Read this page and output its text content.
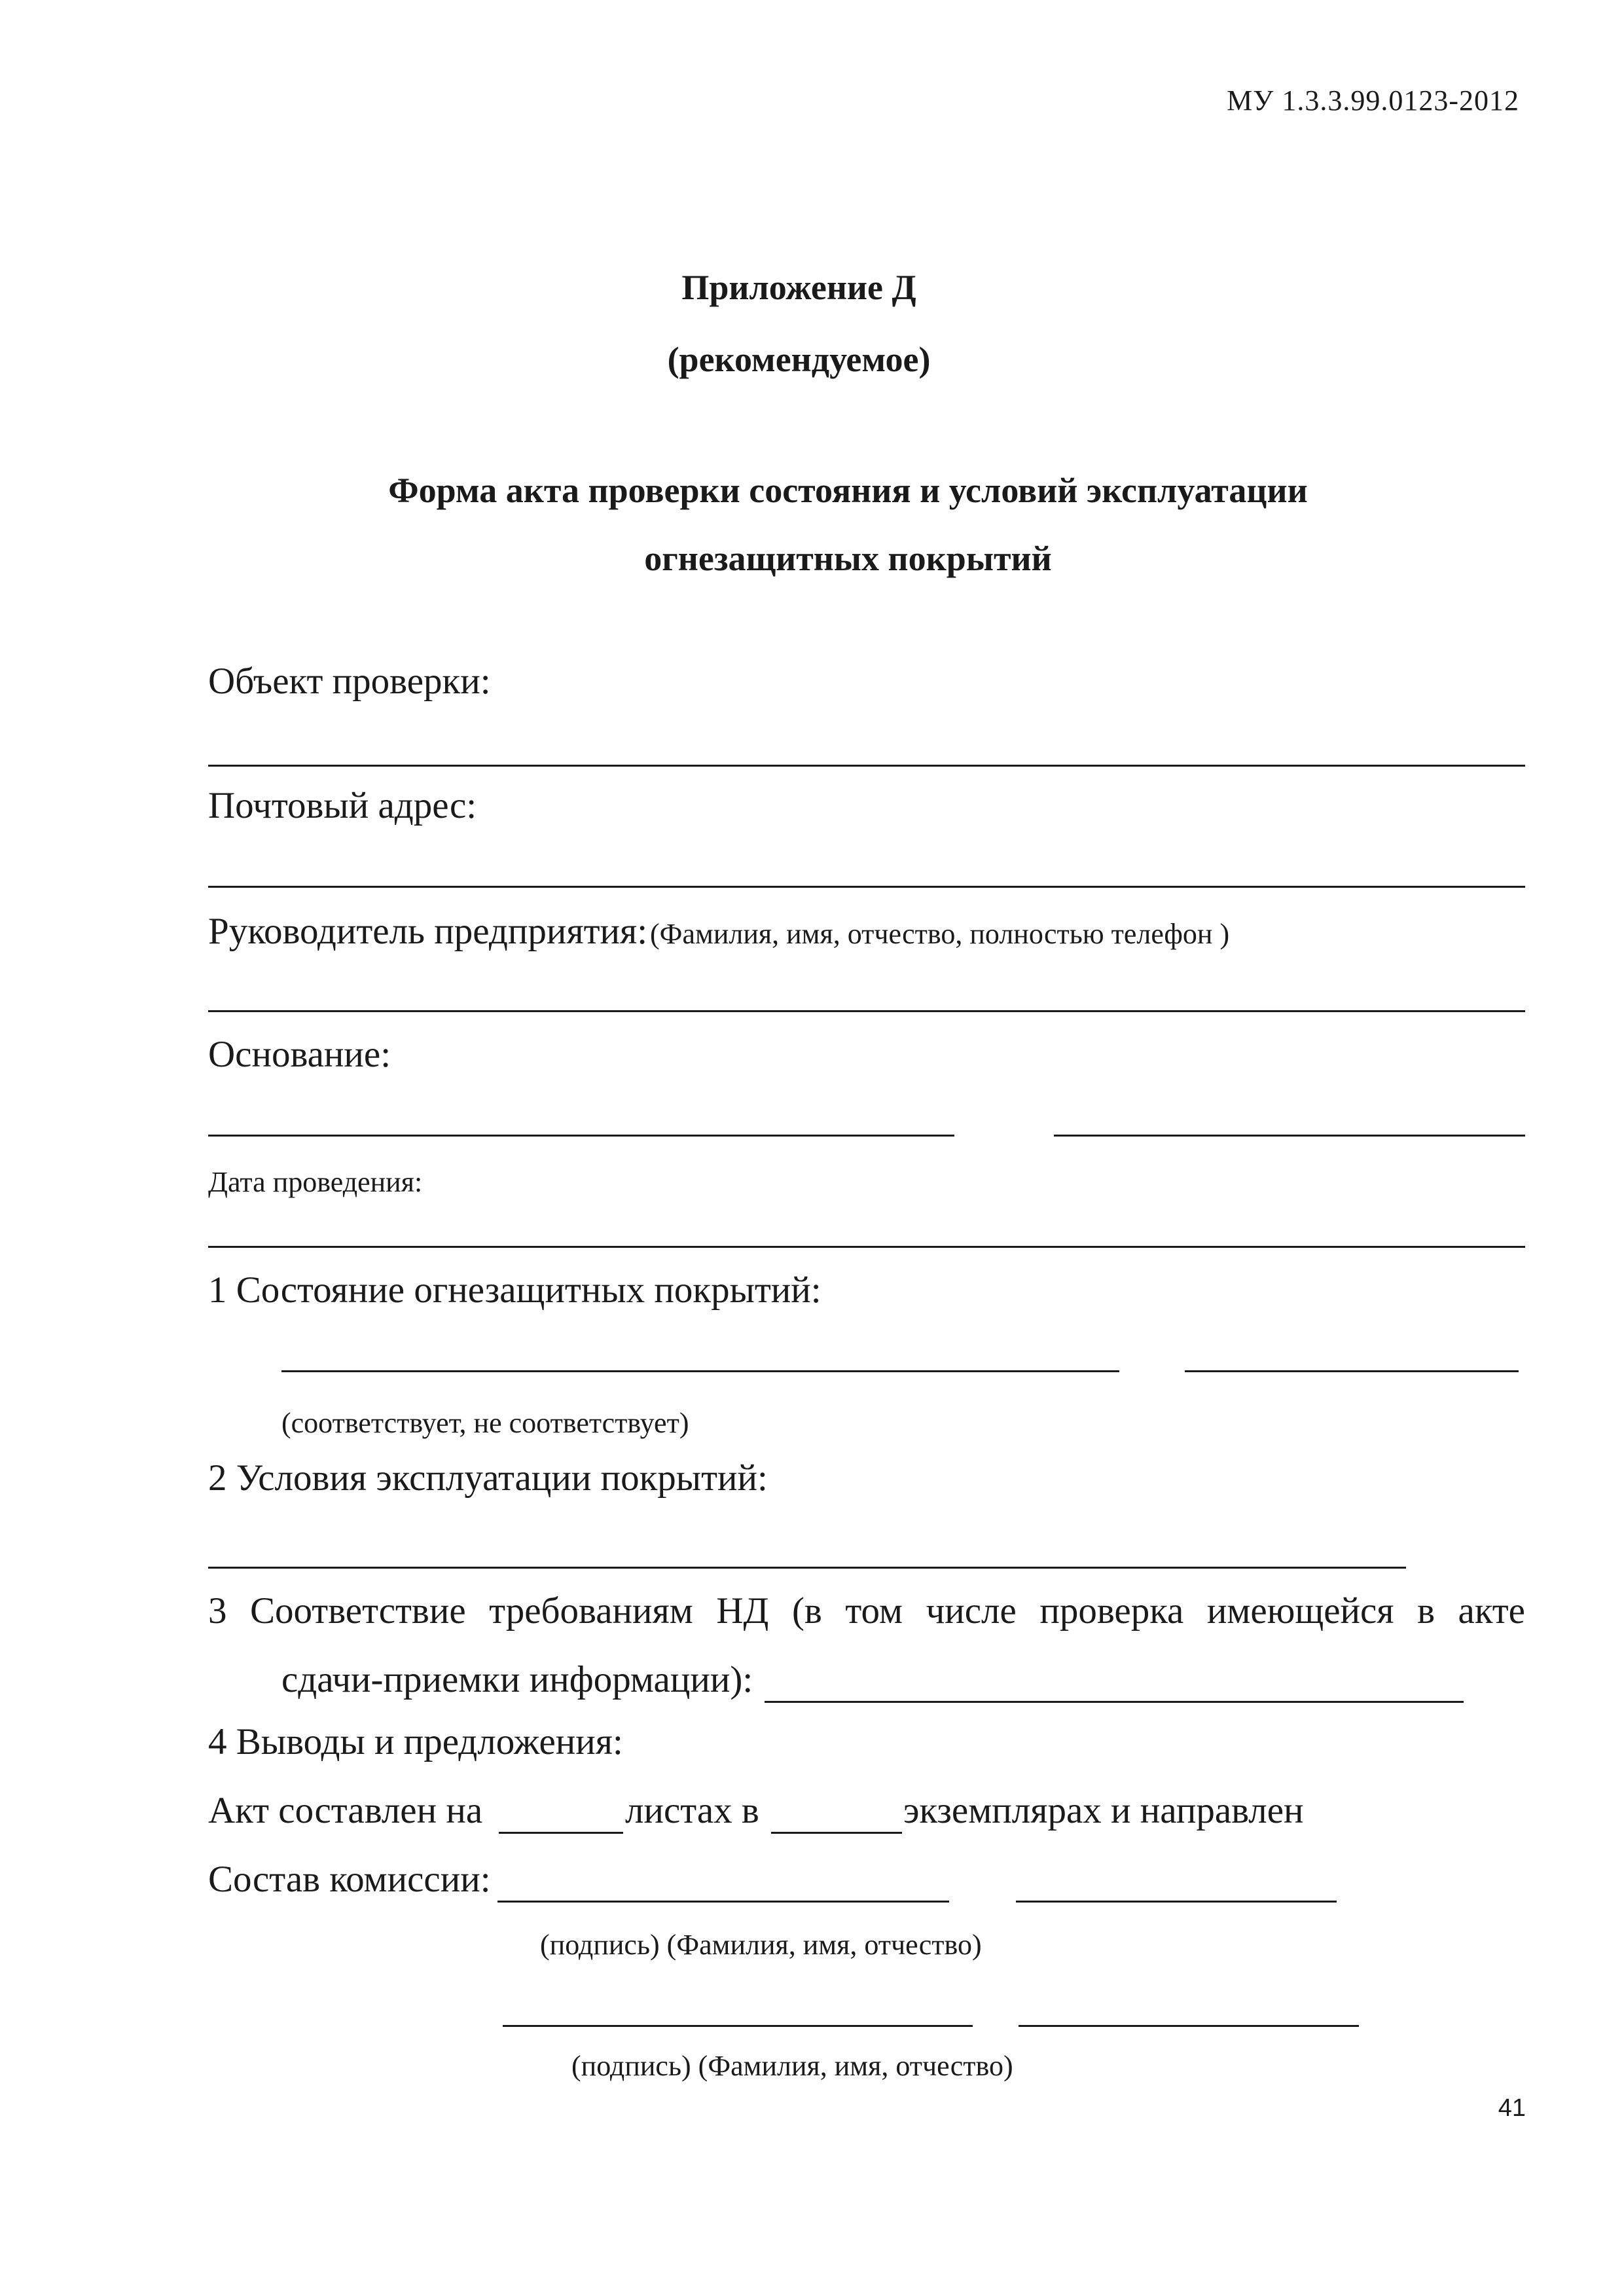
МУ 1.3.3.99.0123-2012
Приложение Д
(рекомендуемое)
Форма акта проверки состояния и условий эксплуатации
огнезащитных покрытий
Объект проверки:
Почтовый адрес:
Руководитель предприятия: (Фамилия, имя, отчество, полностью телефон )
Основание:
Дата проведения:
1 Состояние огнезащитных покрытий:
(соответствует, не соответствует)
2 Условия эксплуатации покрытий:
3 Соответствие требованиям НД (в том числе проверка имеющейся в акте
сдачи-приемки информации):
4 Выводы и предложения:
Акт составлен на	листах в	экземплярах и направлен
Состав комиссии:
(подпись) (Фамилия, имя, отчество)
(подпись) (Фамилия, имя, отчество)
41
